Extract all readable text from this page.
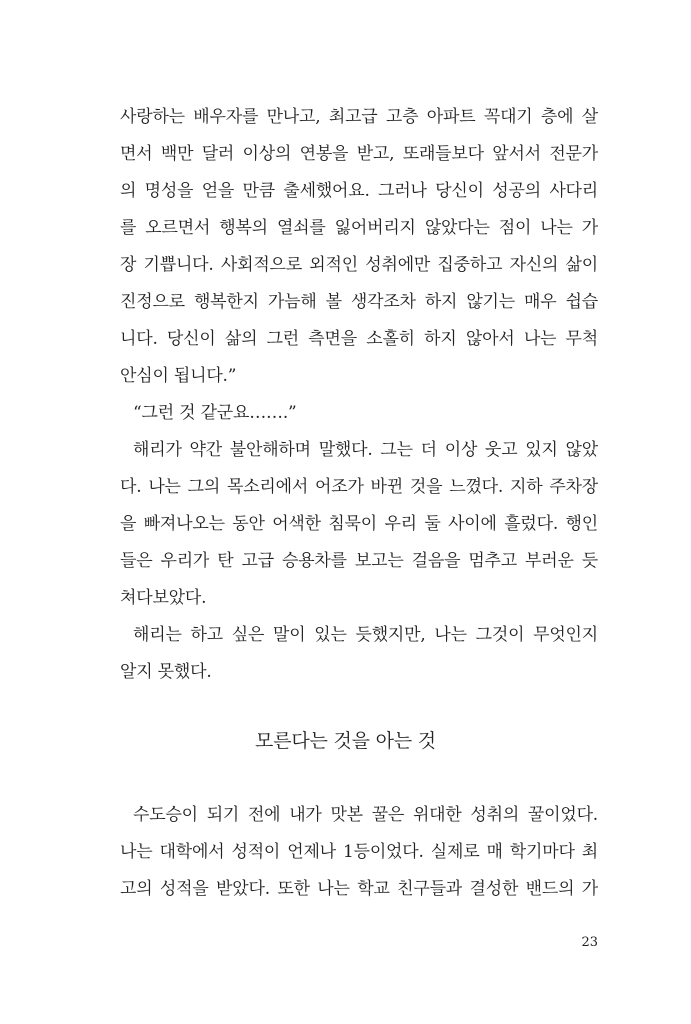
사랑하는 배우자를 만나고, 최고급 고층 아파트 꼭대기 층에 살
면서 백만 달러 이상의 연봉을 받고, 또래들보다 앞서서 전문가
의 명성을 얻을 만큼 출세했어요. 그러나 당신이 성공의 사다리
를 오르면서 행복의 열쇠를 잃어버리지 않았다는 점이 나는 가
장 기쁩니다. 사회적으로 외적인 성취에만 집중하고 자신의 삶이
진정으로 행복한지 가늠해 볼 생각조차 하지 않기는 매우 쉽습
니다. 당신이 삶의 그런 측면을 소홀히 하지 않아서 나는 무척
안심이 됩니다.”
“그런 것 같군요…….”
해리가 약간 불안해하며 말했다. 그는 더 이상 웃고 있지 않았
다. 나는 그의 목소리에서 어조가 바뀐 것을 느꼈다. 지하 주차장
을 빠져나오는 동안 어색한 침묵이 우리 둘 사이에 흘렀다. 행인
들은 우리가 탄 고급 승용차를 보고는 걸음을 멈추고 부러운 듯
쳐다보았다.
해리는 하고 싶은 말이 있는 듯했지만, 나는 그것이 무엇인지
알지 못했다.
모른다는 것을 아는 것
수도승이 되기 전에 내가 맛본 꿀은 위대한 성취의 꿀이었다.
나는 대학에서 성적이 언제나 1등이었다. 실제로 매 학기마다 최
고의 성적을 받았다. 또한 나는 학교 친구들과 결성한 밴드의 가
23
